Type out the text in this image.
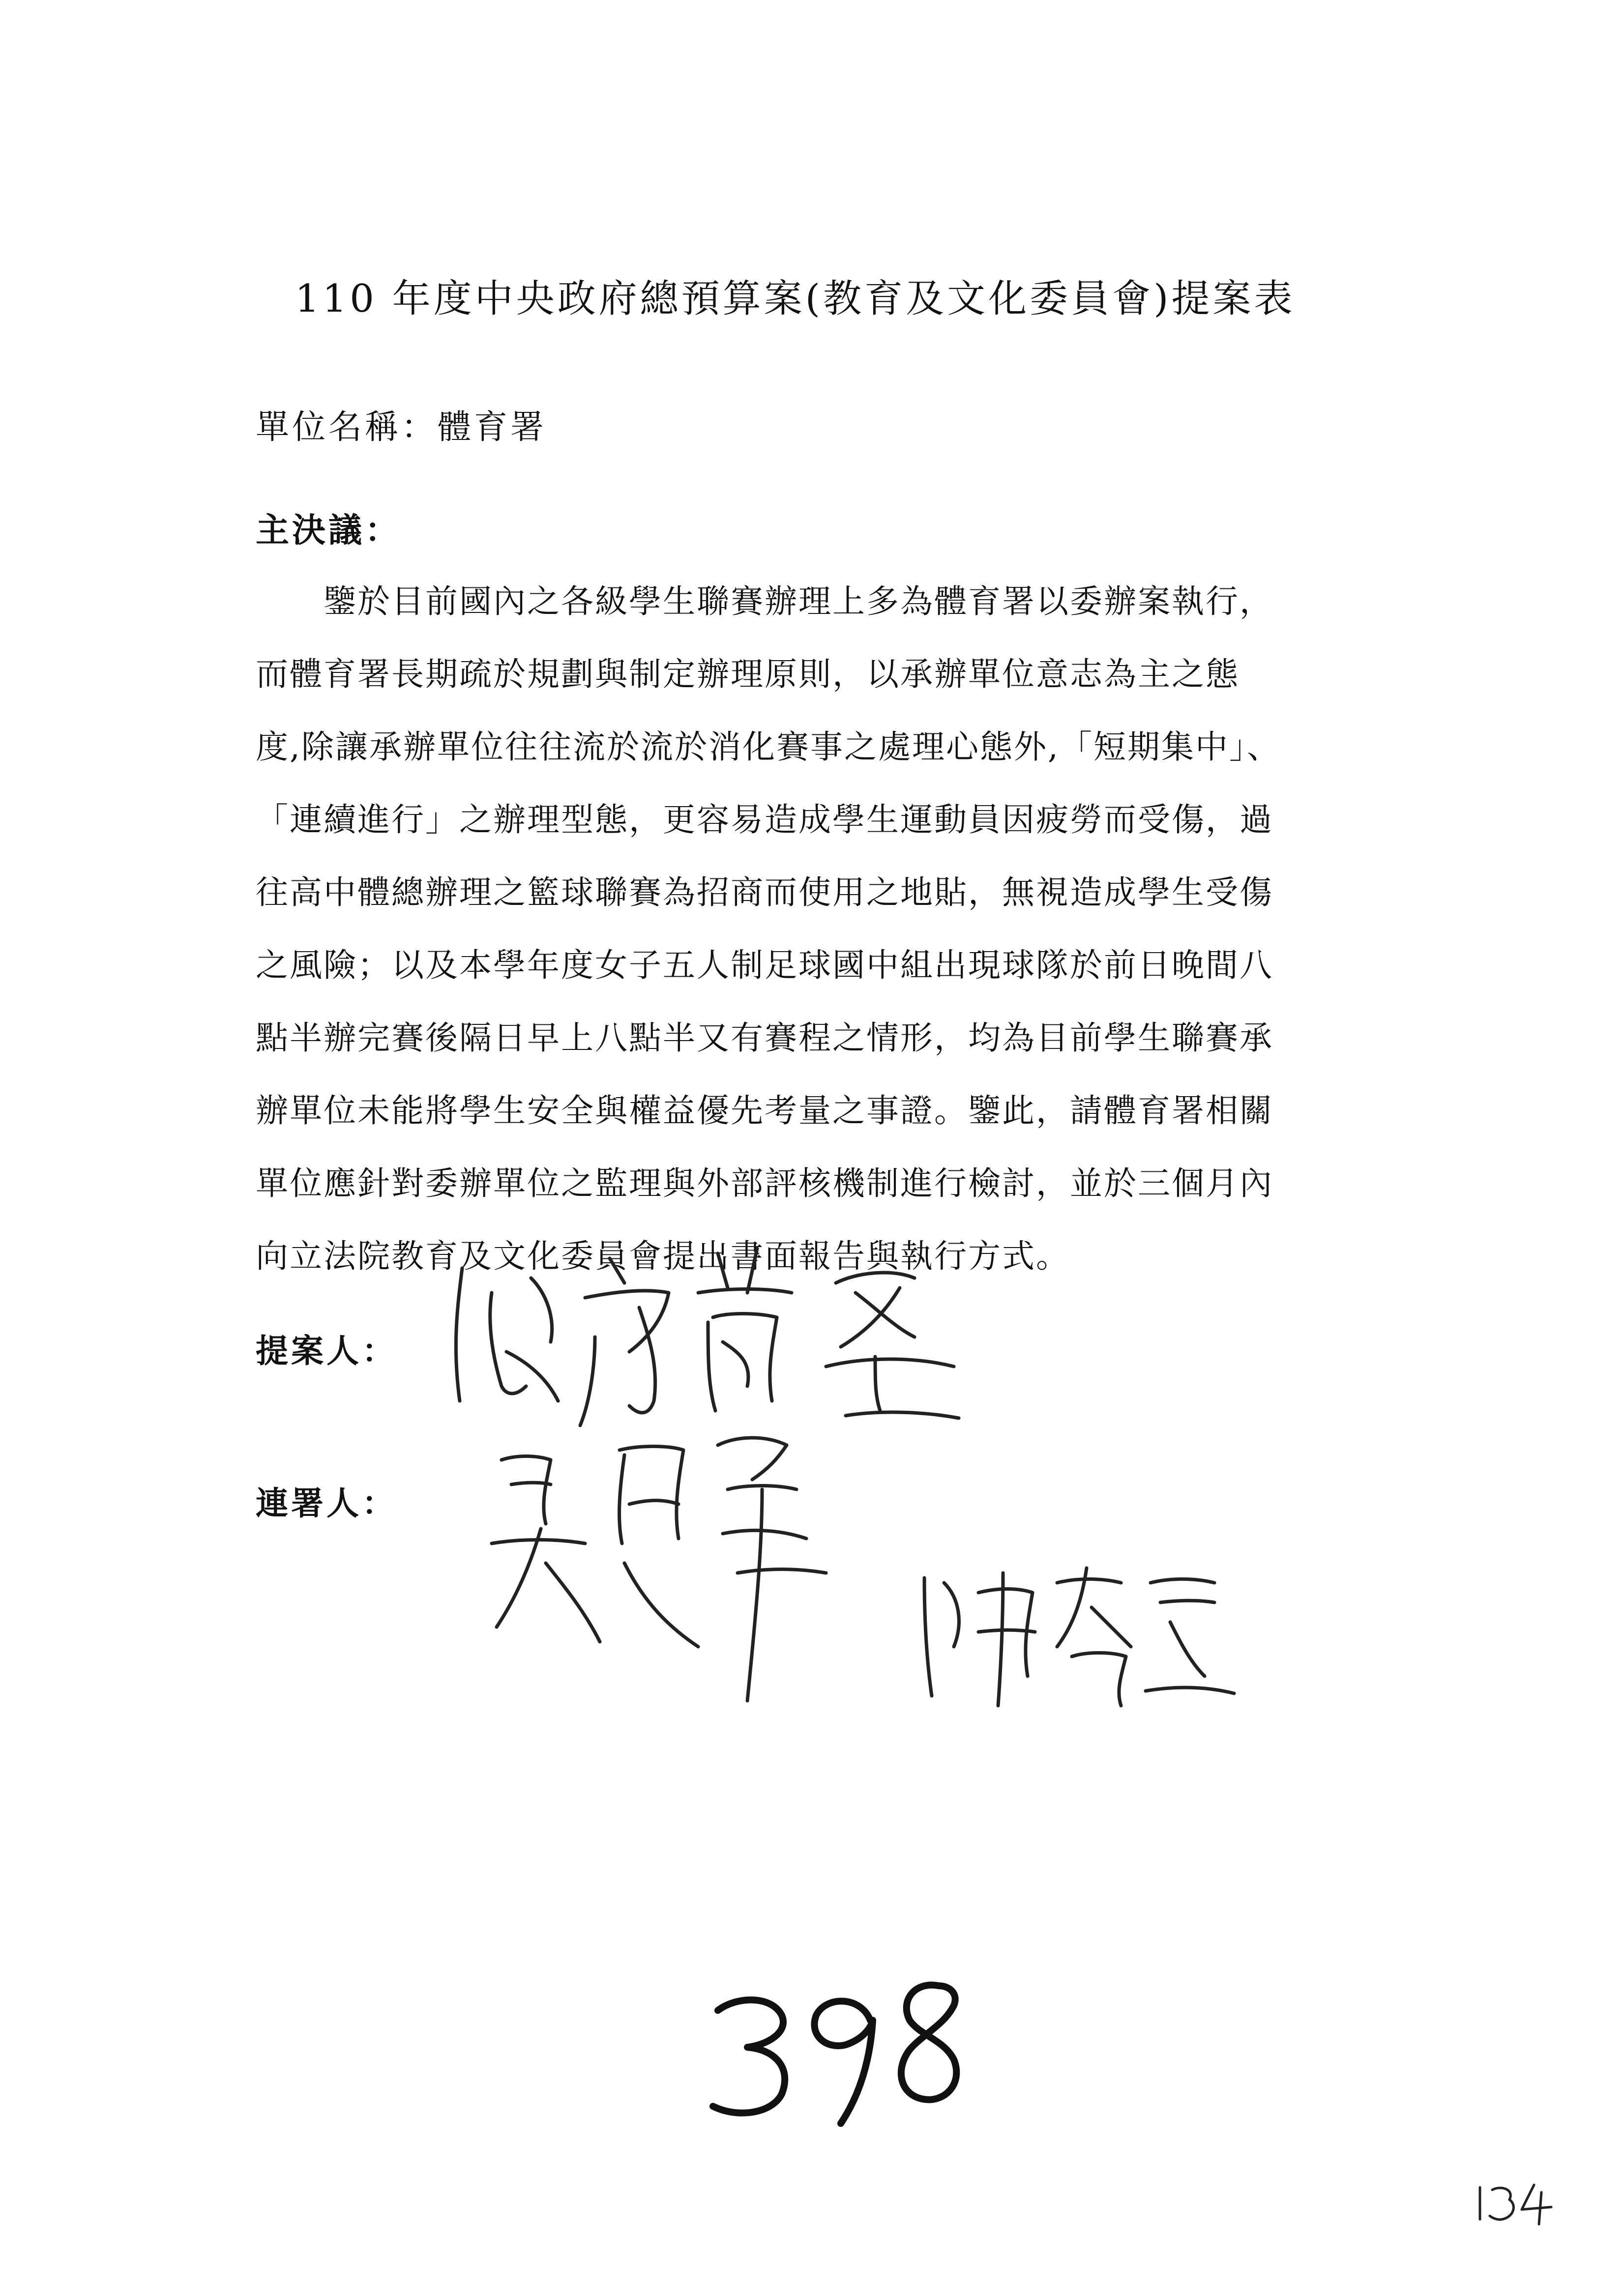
110 年度中央政府總預算案(教育及文化委員會)提案表
單位名稱：體育署
主決議：
　　鑒於目前國內之各級學生聯賽辦理上多為體育署以委辦案執行，
而體育署長期疏於規劃與制定辦理原則，以承辦單位意志為主之態
度,除讓承辦單位往往流於流於消化賽事之處理心態外,「短期集中」、
「連續進行」之辦理型態，更容易造成學生運動員因疲勞而受傷，過
往高中體總辦理之籃球聯賽為招商而使用之地貼，無視造成學生受傷
之風險；以及本學年度女子五人制足球國中組出現球隊於前日晚間八
點半辦完賽後隔日早上八點半又有賽程之情形，均為目前學生聯賽承
辦單位未能將學生安全與權益優先考量之事證。鑒此，請體育署相關
單位應針對委辦單位之監理與外部評核機制進行檢討，並於三個月內
向立法院教育及文化委員會提出書面報告與執行方式。
提案人：
連署人：
